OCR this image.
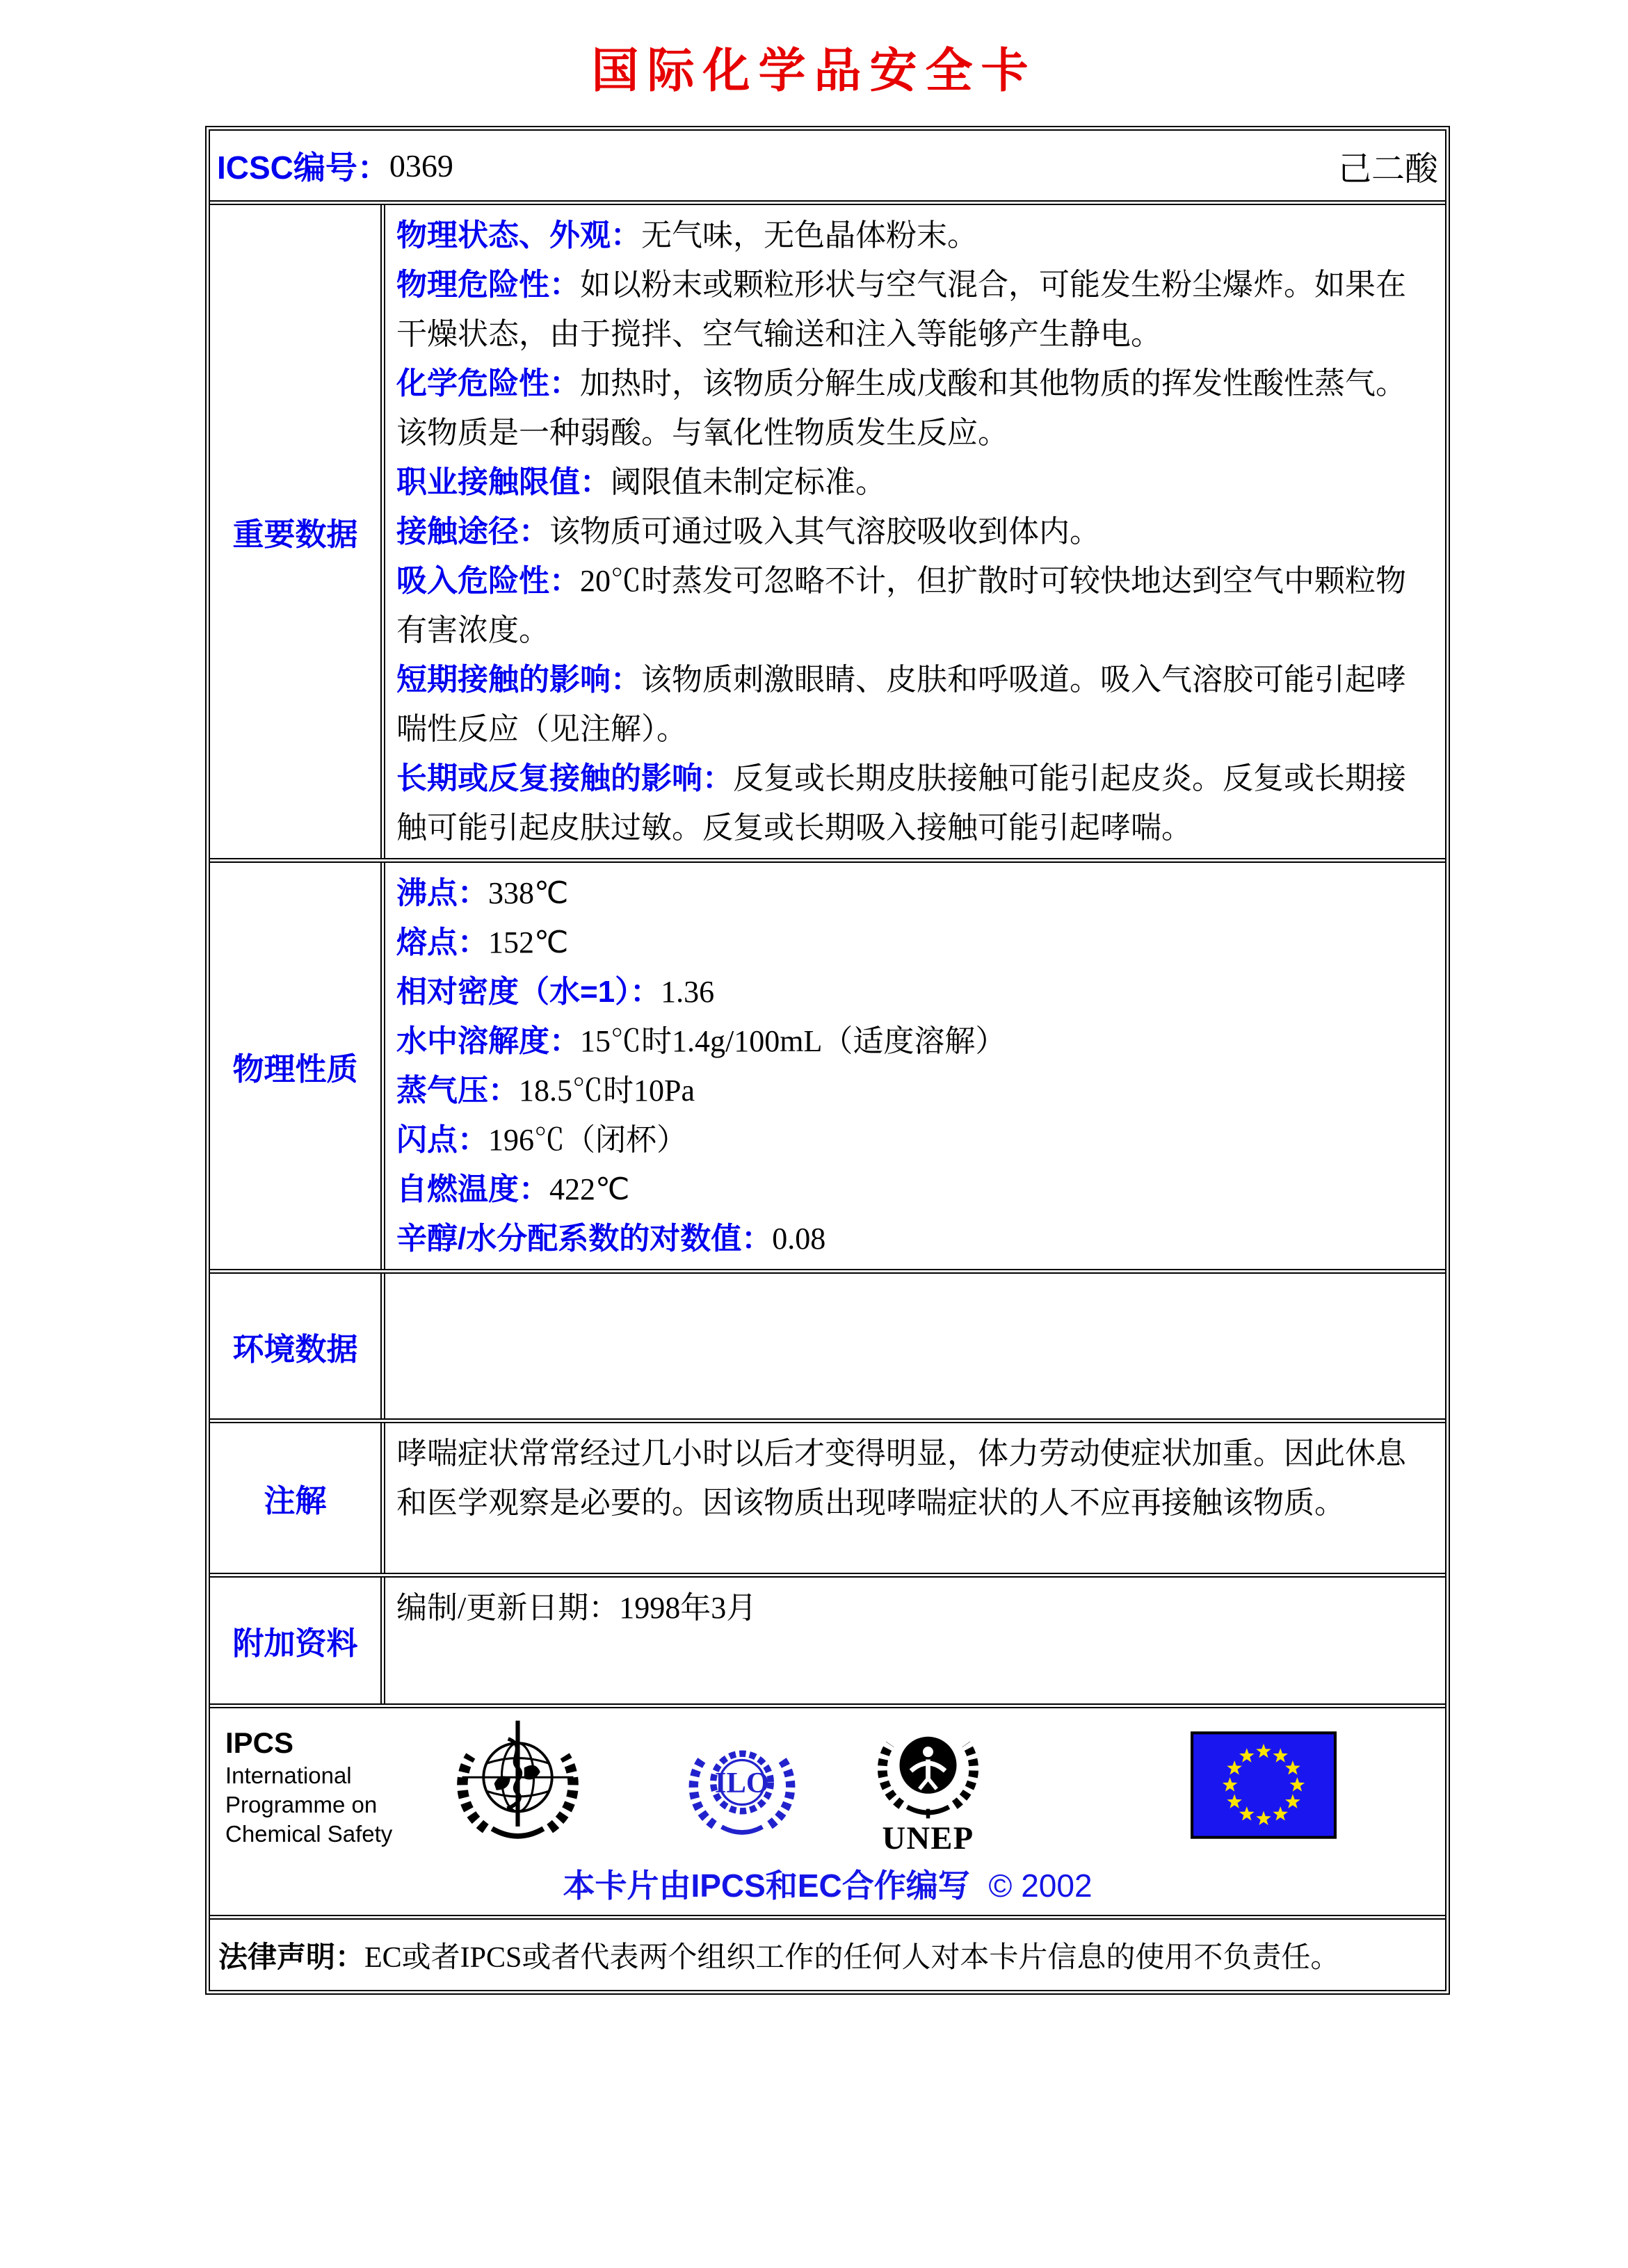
国际化学品安全卡
ICSC编号： 0369	己二酸
重要数据
物理状态、外观：无气味，无色晶体粉末。
物理危险性：如以粉末或颗粒形状与空气混合，可能发生粉尘爆炸。如果在干燥状态，由于搅拌、空气输送和注入等能够产生静电。
化学危险性：加热时，该物质分解生成戊酸和其他物质的挥发性酸性蒸气。该物质是一种弱酸。与氧化性物质发生反应。
职业接触限值：阈限值未制定标准。
接触途径：该物质可通过吸入其气溶胶吸收到体内。
吸入危险性：20℃时蒸发可忽略不计，但扩散时可较快地达到空气中颗粒物有害浓度。
短期接触的影响：该物质刺激眼睛、皮肤和呼吸道。吸入气溶胶可能引起哮喘性反应（见注解）。
长期或反复接触的影响：反复或长期皮肤接触可能引起皮炎。反复或长期接触可能引起皮肤过敏。反复或长期吸入接触可能引起哮喘。
物理性质
沸点：338℃
熔点：152℃
相对密度（水=1）：1.36
水中溶解度：15℃时1.4g/100mL（适度溶解）
蒸气压：18.5℃时10Pa
闪点：196℃（闭杯）
自燃温度：422℃
辛醇/水分配系数的对数值：0.08
环境数据
注解
哮喘症状常常经过几小时以后才变得明显，体力劳动使症状加重。因此休息和医学观察是必要的。因该物质出现哮喘症状的人不应再接触该物质。
附加资料
编制/更新日期：1998年3月
IPCS
International
Programme on
Chemical Safety
ILO
UNEP
本卡片由IPCS和EC合作编写 © 2002
法律声明：EC或者IPCS或者代表两个组织工作的任何人对本卡片信息的使用不负责任。
